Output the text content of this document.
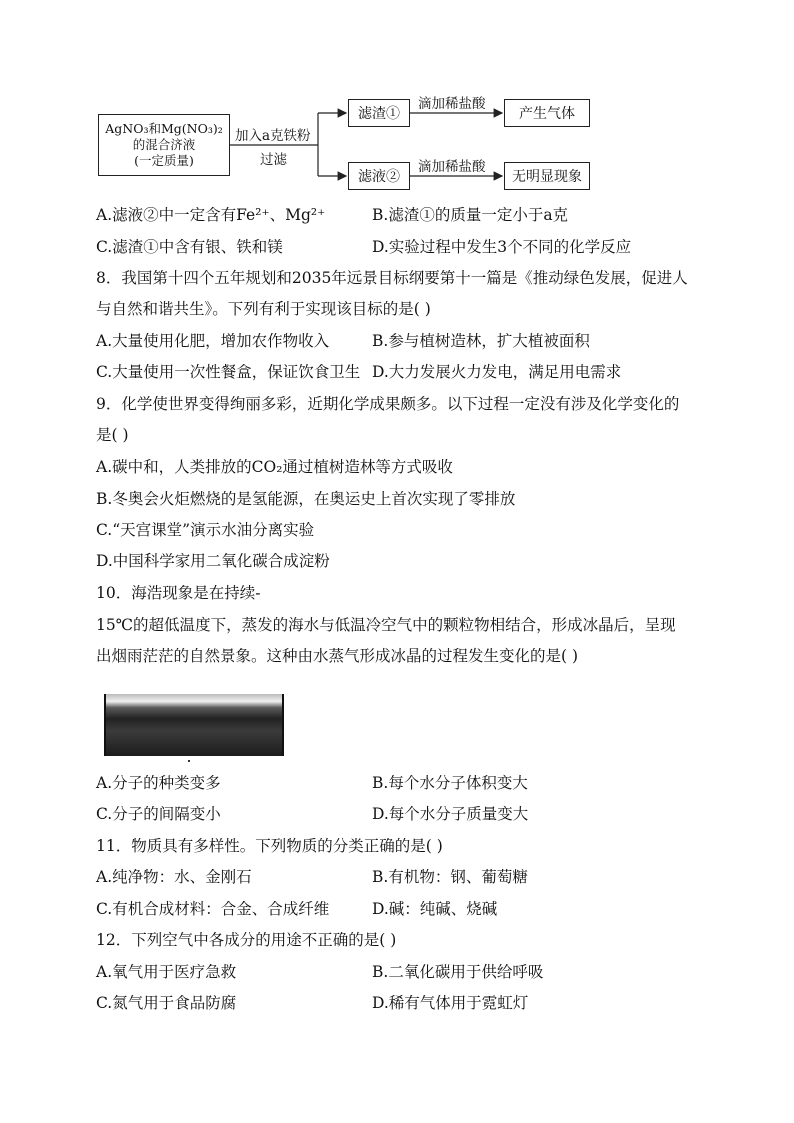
AgNO₃和Mg(NO₃)₂
的混合济液
(一定质量)
加入a克铁粉
过滤
滤渣①
滤液②
滴加稀盐酸
滴加稀盐酸
产生气体
无明显现象
A.滤液②中一定含有Fe²⁺、Mg²⁺	B.滤渣①的质量一定小于a克
C.滤渣①中含有银、铁和镁	D.实验过程中发生3个不同的化学反应
8．我国第十四个五年规划和2035年远景目标纲要第十一篇是《推动绿色发展，促进人
与自然和谐共生》。下列有利于实现该目标的是( )
A.大量使用化肥，增加农作物收入	B.参与植树造林，扩大植被面积
C.大量使用一次性餐盒，保证饮食卫生 D.大力发展火力发电，满足用电需求
9．化学使世界变得绚丽多彩，近期化学成果颇多。以下过程一定没有涉及化学变化的
是( )
A.碳中和，人类排放的CO₂通过植树造林等方式吸收
B.冬奥会火炬燃烧的是氢能源，在奥运史上首次实现了零排放
C.“天宫课堂”演示水油分离实验
D.中国科学家用二氧化碳合成淀粉
10．海浩现象是在持续-
15℃的超低温度下，蒸发的海水与低温冷空气中的颗粒物相结合，形成冰晶后，呈现
出烟雨茫茫的自然景象。这种由水蒸气形成冰晶的过程发生变化的是( )
A.分子的种类变多	B.每个水分子体积变大
C.分子的间隔变小	D.每个水分子质量变大
11．物质具有多样性。下列物质的分类正确的是( )
A.纯净物：水、金刚石	B.有机物：钢、葡萄糖
C.有机合成材料：合金、合成纤维	D.碱：纯碱、烧碱
12．下列空气中各成分的用途不正确的是( )
A.氧气用于医疗急救	B.二氧化碳用于供给呼吸
C.氮气用于食品防腐	D.稀有气体用于霓虹灯
